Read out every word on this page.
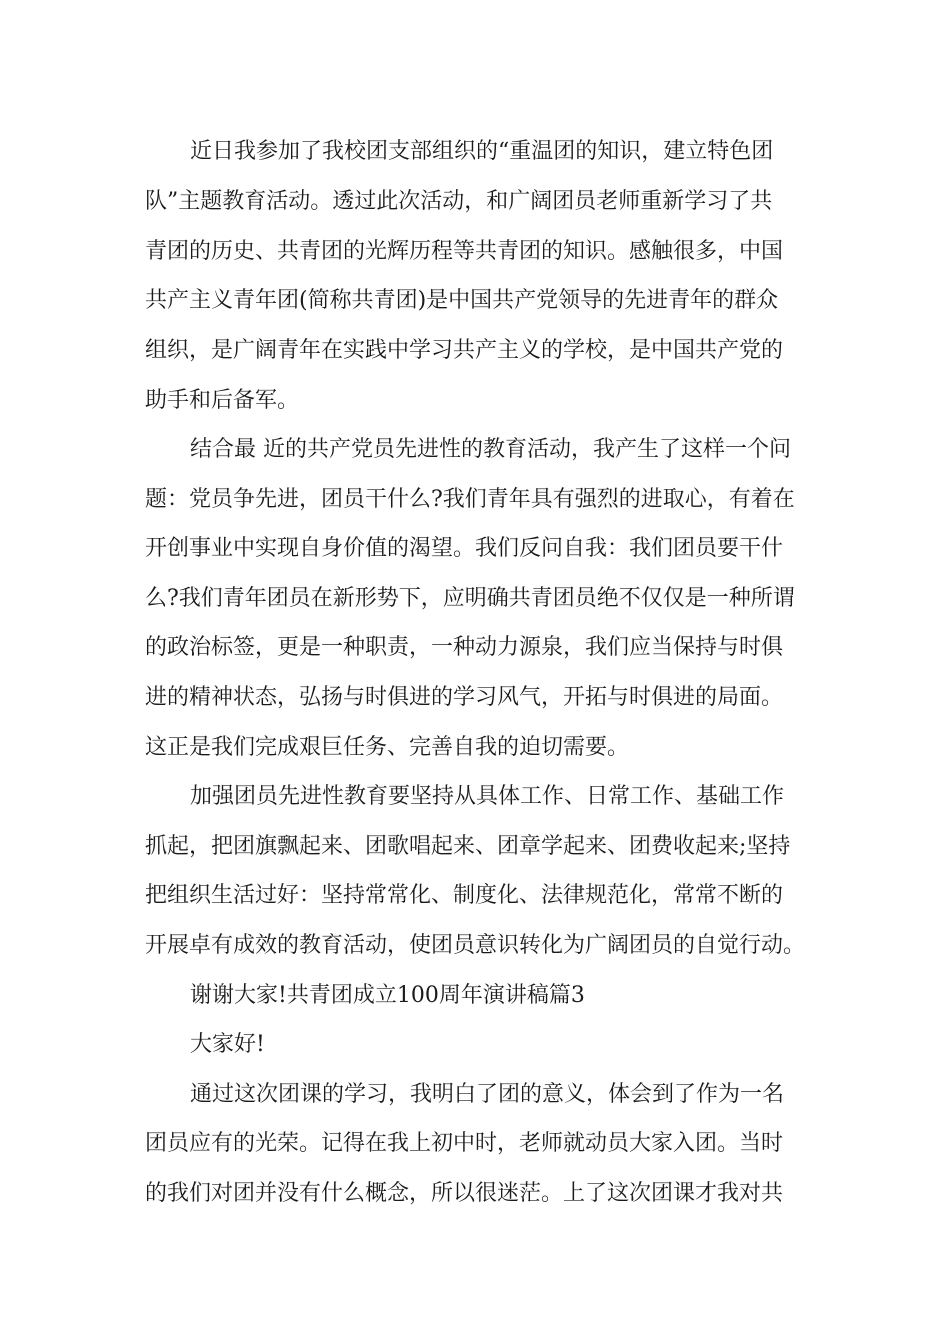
近日我参加了我校团支部组织的“重温团的知识，建立特色团
队”主题教育活动。透过此次活动，和广阔团员老师重新学习了共
青团的历史、共青团的光辉历程等共青团的知识。感触很多，中国
共产主义青年团(简称共青团)是中国共产党领导的先进青年的群众
组织，是广阔青年在实践中学习共产主义的学校，是中国共产党的
助手和后备军。
结合最 近的共产党员先进性的教育活动，我产生了这样一个问
题：党员争先进，团员干什么?我们青年具有强烈的进取心，有着在
开创事业中实现自身价值的渴望。我们反问自我：我们团员要干什
么?我们青年团员在新形势下，应明确共青团员绝不仅仅是一种所谓
的政治标签，更是一种职责，一种动力源泉，我们应当保持与时俱
进的精神状态，弘扬与时俱进的学习风气，开拓与时俱进的局面。
这正是我们完成艰巨任务、完善自我的迫切需要。
加强团员先进性教育要坚持从具体工作、日常工作、基础工作
抓起，把团旗飘起来、团歌唱起来、团章学起来、团费收起来;坚持
把组织生活过好：坚持常常化、制度化、法律规范化，常常不断的
开展卓有成效的教育活动，使团员意识转化为广阔团员的自觉行动。
谢谢大家!共青团成立100周年演讲稿篇3
大家好!
通过这次团课的学习，我明白了团的意义，体会到了作为一名
团员应有的光荣。记得在我上初中时，老师就动员大家入团。当时
的我们对团并没有什么概念，所以很迷茫。上了这次团课才我对共
